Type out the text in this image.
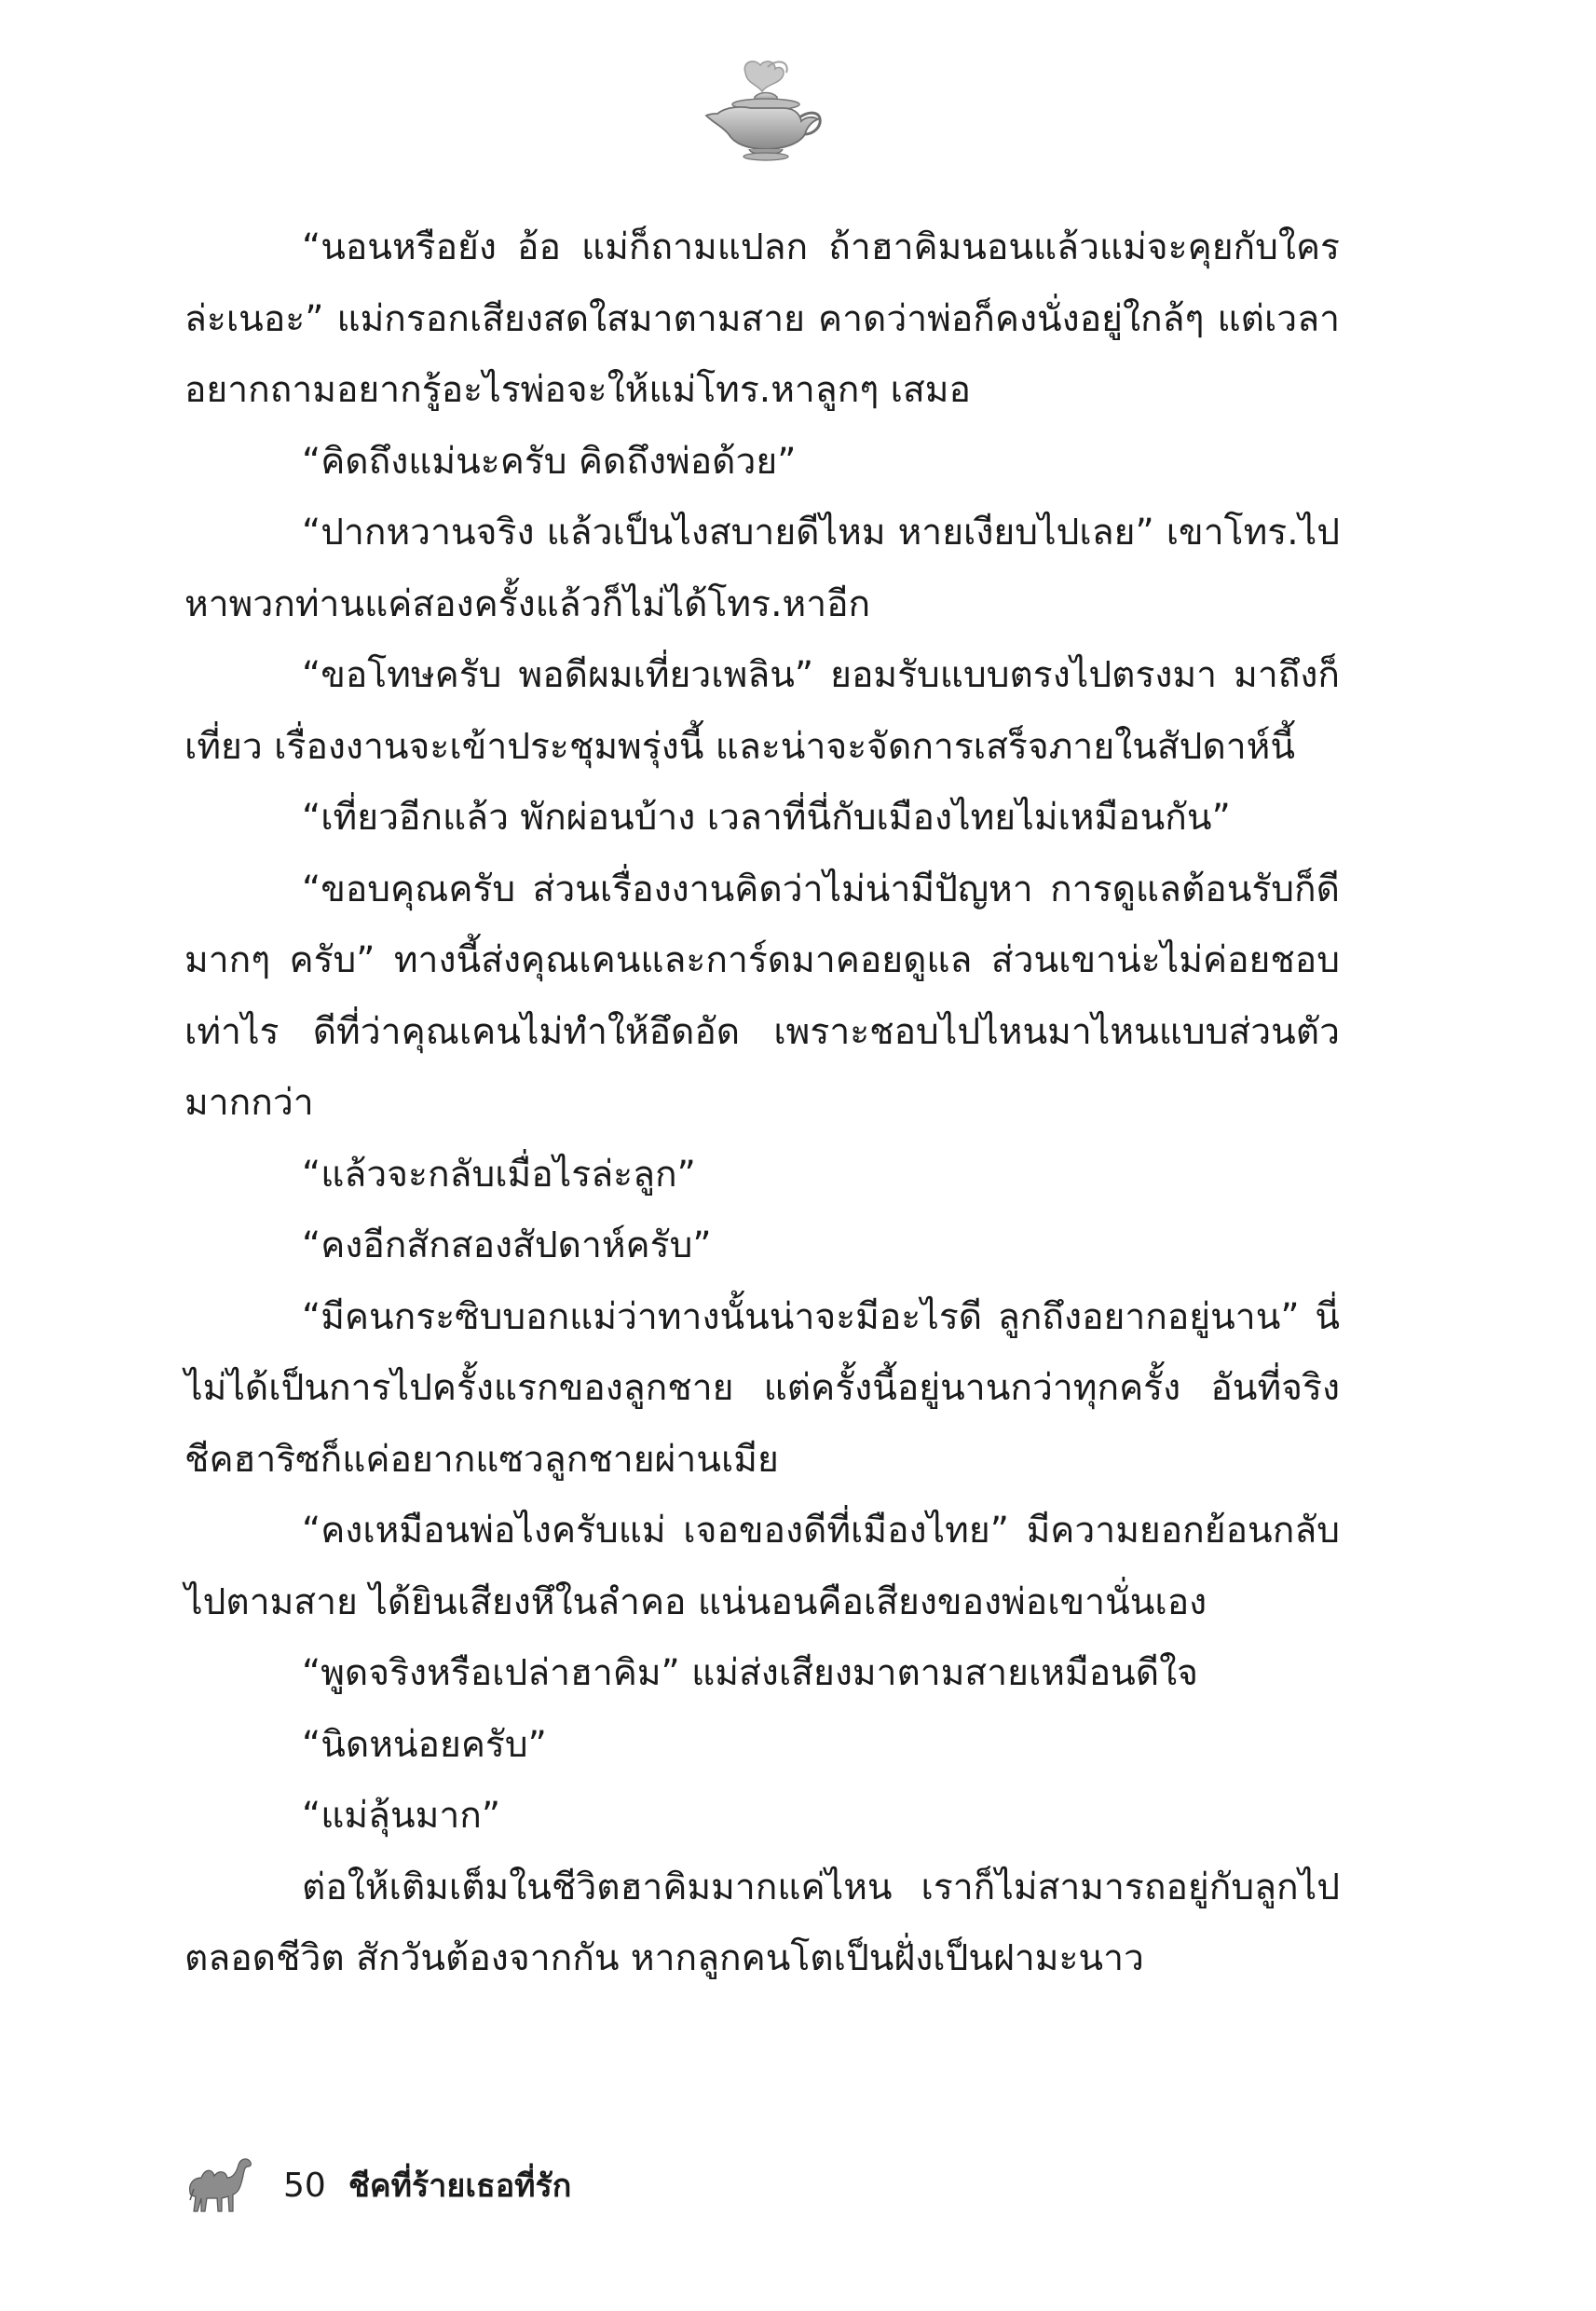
“นอนหรือยัง อ้อ แม่ก็ถามแปลก ถ้าฮาคิมนอนแล้วแม่จะคุยกับใครล่ะเนอะ” แม่กรอกเสียงสดใสมาตามสาย คาดว่าพ่อก็คงนั่งอยู่ใกล้ๆ แต่เวลาอยากถามอยากรู้อะไรพ่อจะให้แม่โทร.หาลูกๆ เสมอ

“คิดถึงแม่นะครับ คิดถึงพ่อด้วย”

“ปากหวานจริง แล้วเป็นไงสบายดีไหม หายเงียบไปเลย” เขาโทร.ไปหาพวกท่านแค่สองครั้งแล้วก็ไม่ได้โทร.หาอีก

“ขอโทษครับ พอดีผมเที่ยวเพลิน” ยอมรับแบบตรงไปตรงมา มาถึงก็เที่ยว เรื่องงานจะเข้าประชุมพรุ่งนี้ และน่าจะจัดการเสร็จภายในสัปดาห์นี้

“เที่ยวอีกแล้ว พักผ่อนบ้าง เวลาที่นี่กับเมืองไทยไม่เหมือนกัน”

“ขอบคุณครับ ส่วนเรื่องงานคิดว่าไม่น่ามีปัญหา การดูแลต้อนรับก็ดีมากๆ ครับ” ทางนี้ส่งคุณเคนและการ์ดมาคอยดูแล ส่วนเขาน่ะไม่ค่อยชอบเท่าไร ดีที่ว่าคุณเคนไม่ทำให้อึดอัด เพราะชอบไปไหนมาไหนแบบส่วนตัวมากกว่า

“แล้วจะกลับเมื่อไรล่ะลูก”

“คงอีกสักสองสัปดาห์ครับ”

“มีคนกระซิบบอกแม่ว่าทางนั้นน่าจะมีอะไรดี ลูกถึงอยากอยู่นาน” นี่ไม่ได้เป็นการไปครั้งแรกของลูกชาย แต่ครั้งนี้อยู่นานกว่าทุกครั้ง อันที่จริงชีคฮาริซก็แค่อยากแซวลูกชายผ่านเมีย

“คงเหมือนพ่อไงครับแม่ เจอของดีที่เมืองไทย” มีความยอกย้อนกลับไปตามสาย ได้ยินเสียงหึในลำคอ แน่นอนคือเสียงของพ่อเขานั่นเอง

“พูดจริงหรือเปล่าฮาคิม” แม่ส่งเสียงมาตามสายเหมือนดีใจ

“นิดหน่อยครับ”

“แม่ลุ้นมาก”

ต่อให้เติมเต็มในชีวิตฮาคิมมากแค่ไหน เราก็ไม่สามารถอยู่กับลูกไปตลอดชีวิต สักวันต้องจากกัน หากลูกคนโตเป็นฝั่งเป็นฝามะนาว

50 ชีคที่ร้ายเธอที่รัก
